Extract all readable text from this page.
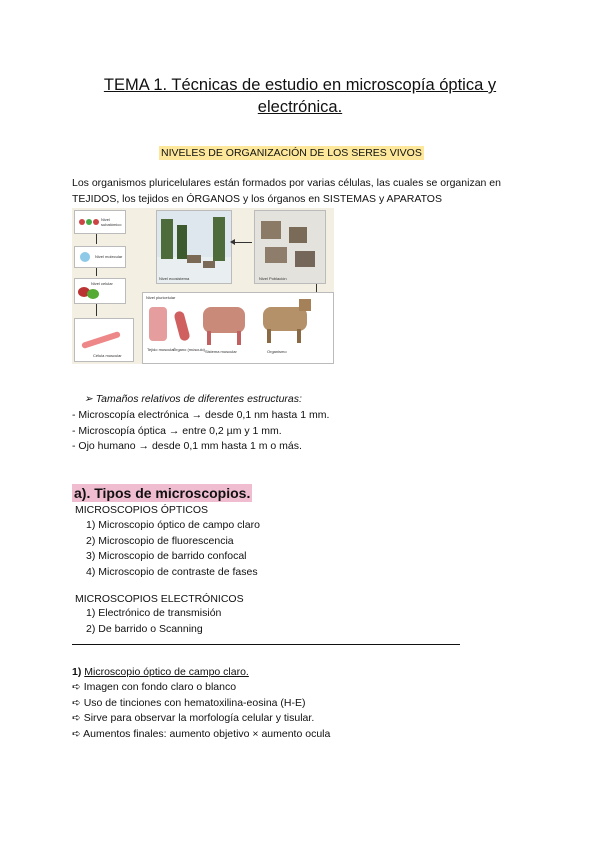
TEMA 1. Técnicas de estudio en microscopía óptica y
electrónica.
NIVELES DE ORGANIZACIÓN DE LOS SERES VIVOS
Los organismos pluricelulares están formados por varias células, las cuales se organizan en
TEJIDOS, los tejidos en ÓRGANOS y los órganos en SISTEMAS y APARATOS
Nivel subatómico
Nivel molecular
Nivel celular
Célula muscular
Nivel ecosistema	Nivel Población
Nivel pluricelular
Tejido muscular
Órgano (músculo) Sistema muscular	Organismo
➢ Tamaños relativos de diferentes estructuras:
- Microscopía electrónica → desde 0,1 nm hasta 1 mm.
- Microscopía óptica → entre 0,2 µm y 1 mm.
- Ojo humano → desde 0,1 mm hasta 1 m o más.
a). Tipos de microscopios.
MICROSCOPIOS ÓPTICOS
1) Microscopio óptico de campo claro
2) Microscopio de fluorescencia
3) Microscopio de barrido confocal
4) Microscopio de contraste de fases
MICROSCOPIOS ELECTRÓNICOS
1) Electrónico de transmisión
2) De barrido o Scanning
1) Microscopio óptico de campo claro.
➪ Imagen con fondo claro o blanco
➪ Uso de tinciones con hematoxilina-eosina (H-E)
➪ Sirve para observar la morfología celular y tisular.
➪ Aumentos finales: aumento objetivo × aumento ocula
